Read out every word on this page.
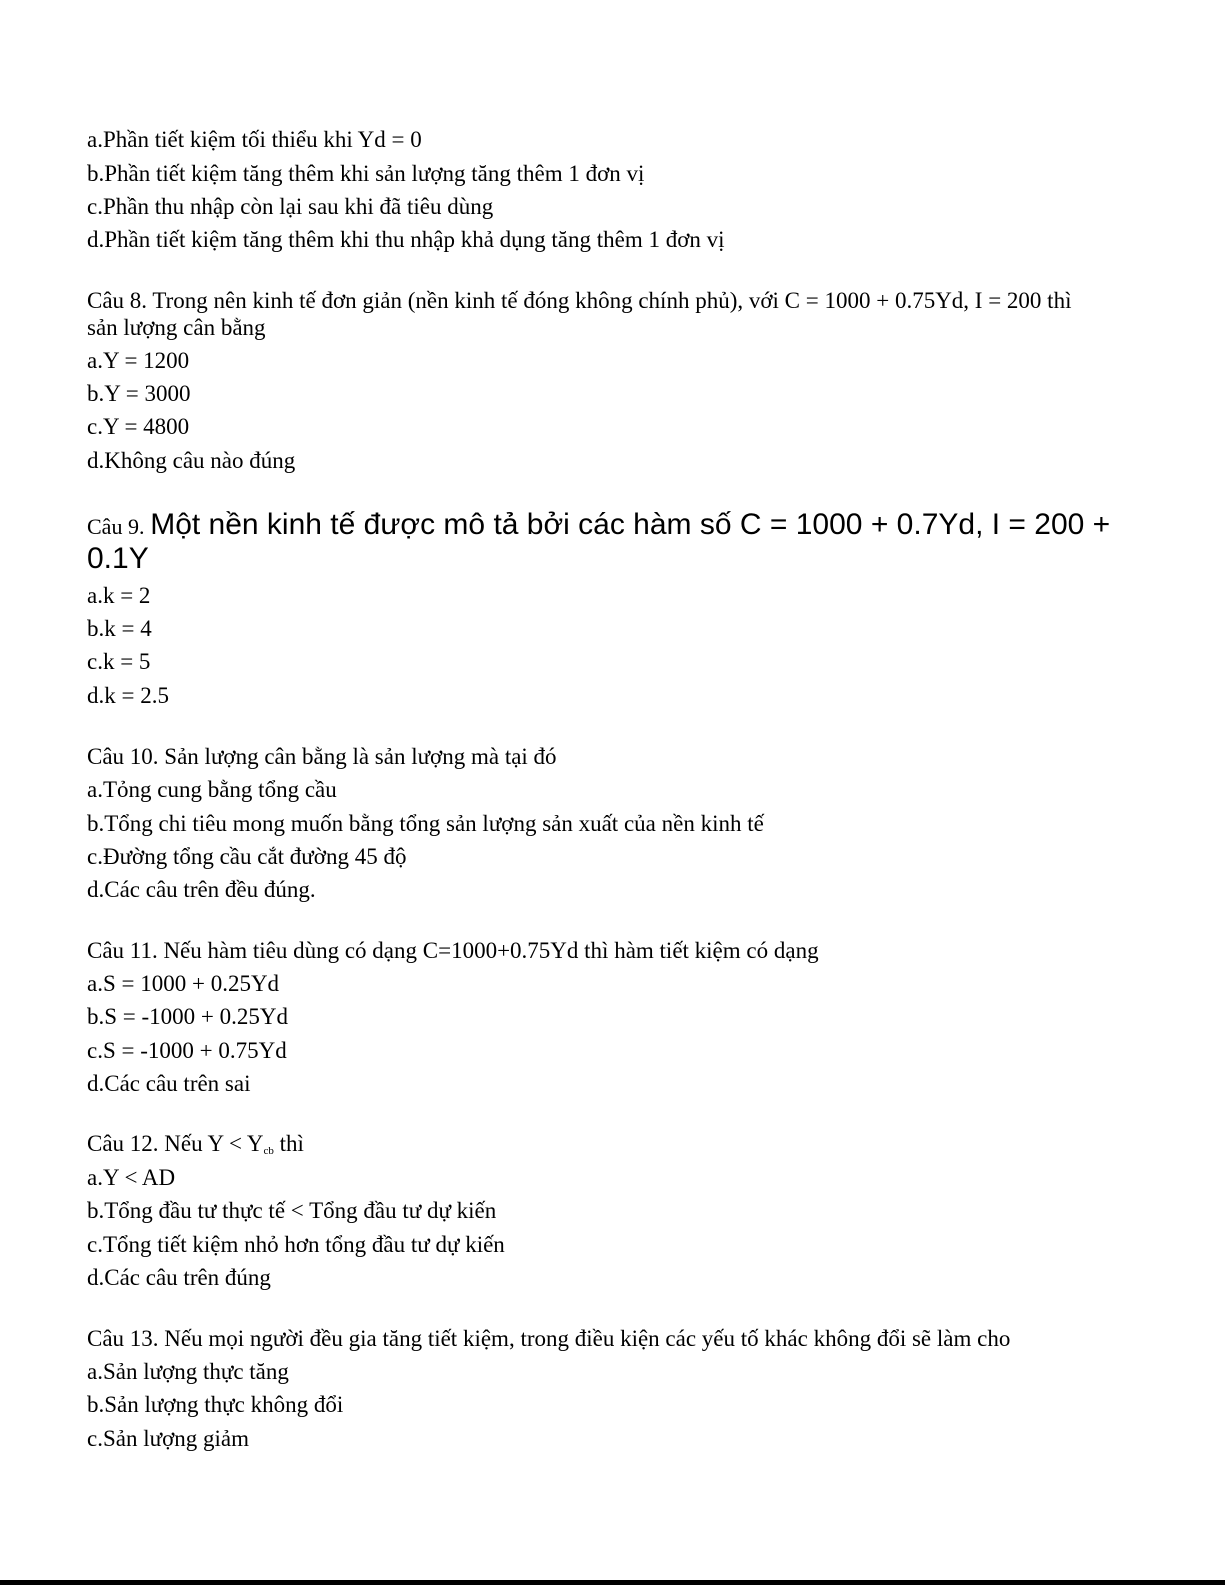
a.Phần tiết kiệm tối thiểu khi Yd = 0
b.Phần tiết kiệm tăng thêm khi sản lượng tăng thêm 1 đơn vị
c.Phần thu nhập còn lại sau khi đã tiêu dùng
d.Phần tiết kiệm tăng thêm khi thu nhập khả dụng tăng thêm 1 đơn vị
Câu 8. Trong nên kinh tế đơn giản (nền kinh tế đóng không chính phủ), với C = 1000 + 0.75Yd, I = 200 thì
sản lượng cân bằng
a.Y = 1200
b.Y = 3000
c.Y = 4800
d.Không câu nào đúng
Câu 9. Một nền kinh tế được mô tả bởi các hàm số C = 1000 + 0.7Yd, I = 200 +
0.1Y
a.k = 2
b.k = 4
c.k = 5
d.k = 2.5
Câu 10. Sản lượng cân bằng là sản lượng mà tại đó
a.Tỏng cung bằng tổng cầu
b.Tổng chi tiêu mong muốn bằng tổng sản lượng sản xuất của nền kinh tế
c.Đường tổng cầu cắt đường 45 độ
d.Các câu trên đều đúng.
Câu 11. Nếu hàm tiêu dùng có dạng C=1000+0.75Yd thì hàm tiết kiệm có dạng
a.S = 1000 + 0.25Yd
b.S = -1000 + 0.25Yd
c.S = -1000 + 0.75Yd
d.Các câu trên sai
Câu 12. Nếu $Y < Y_{cb}$ thì
a.Y < AD
b.Tổng đầu tư thực tế < Tổng đầu tư dự kiến
c.Tổng tiết kiệm nhỏ hơn tổng đầu tư dự kiến
d.Các câu trên đúng
Câu 13. Nếu mọi người đều gia tăng tiết kiệm, trong điều kiện các yếu tố khác không đổi sẽ làm cho
a.Sản lượng thực tăng
b.Sản lượng thực không đổi
c.Sản lượng giảm
